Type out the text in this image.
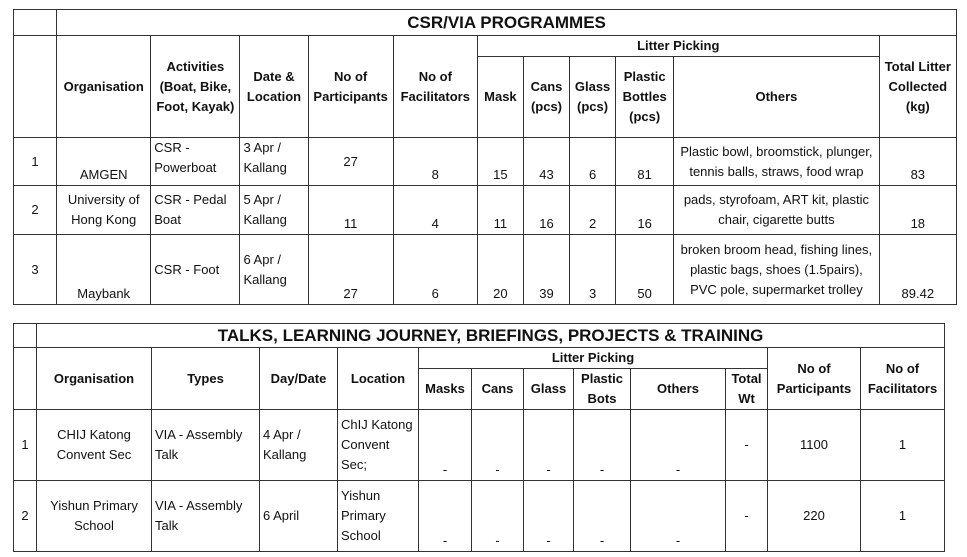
	CSR/VIA PROGRAMMES										
	Organisation	Activities (Boat, Bike, Foot, Kayak)	Date & Location	No of Participants	No of Facilitators	Litter Picking					Total Litter Collected (kg)
						Mask	Cans (pcs)	Glass (pcs)	Plastic Bottles (pcs)	Others	
1	AMGEN	CSR - Powerboat	3 Apr / Kallang	27	8	15	43	6	81	Plastic bowl, broomstick, plunger, tennis balls, straws, food wrap	83
2	University of Hong Kong	CSR - Pedal Boat	5 Apr / Kallang	11	4	11	16	2	16	pads, styrofoam, ART kit, plastic chair, cigarette butts	18
3	Maybank	CSR - Foot	6 Apr / Kallang	27	6	20	39	3	50	broken broom head, fishing lines, plastic bags, shoes (1.5pairs), PVC pole, supermarket trolley	89.42
	TALKS, LEARNING JOURNEY, BRIEFINGS, PROJECTS & TRAINING											
	Organisation	Types	Day/Date	Location	Litter Picking						No of Participants	No of Facilitators
					Masks	Cans	Glass	Plastic Bots	Others	Total Wt		
1	CHIJ Katong Convent Sec	VIA - Assembly Talk	4 Apr / Kallang	ChIJ Katong Convent Sec;	-	-	-	-	-	-	1100	1
2	Yishun Primary School	VIA - Assembly Talk	6 April	Yishun Primary School	-	-	-	-	-	-	220	1
